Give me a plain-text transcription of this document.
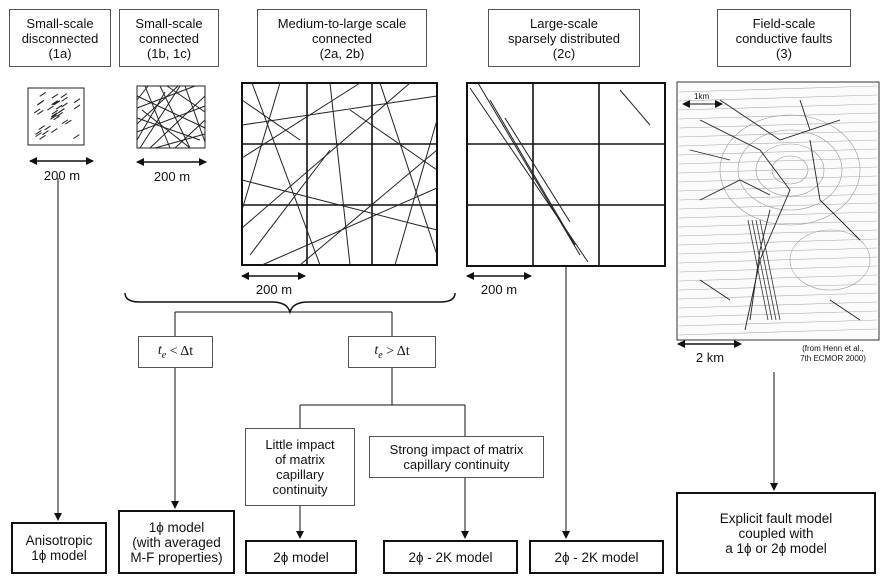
Small-scale
disconnected
(1a)
Small-scale
connected
(1b, 1c)
Medium-to-large scale
connected
(2a, 2b)
Large-scale
sparsely distributed
(2c)
Field-scale
conductive faults
(3)
200 m	200 m
200 m	200 m
2 km
1km
(from Henn et al.,
7th ECMOR 2000)
$t_e$
< Δt	$t_e$
> Δt
Little impact
of matrix
capillary
continuity
Strong impact of matrix
capillary continuity
Anisotropic
1ϕ model
1ϕ model
(with averaged
M-F properties)	2ϕ model	2ϕ - 2K model	2ϕ - 2K model
Explicit fault model
coupled with
a 1ϕ or 2ϕ model
